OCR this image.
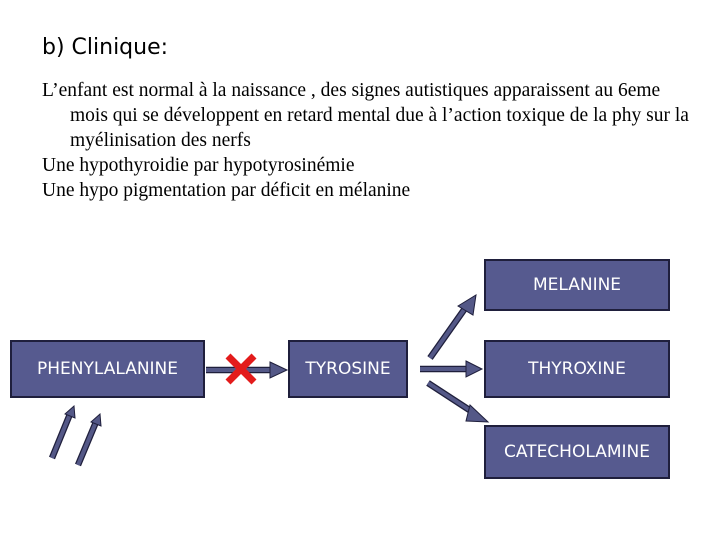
b) Clinique:

L’enfant est normal à la naissance , des signes autistiques apparaissent au 6eme mois qui se développent en retard mental due à l’action toxique de la phy sur la myélinisation des nerfs

Une hypothyroidie par hypotyrosinémie

Une hypo pigmentation par déficit en mélanine

PHENYLALANINE	TYROSINE
MELANINE
THYROXINE
CATECHOLAMINE
